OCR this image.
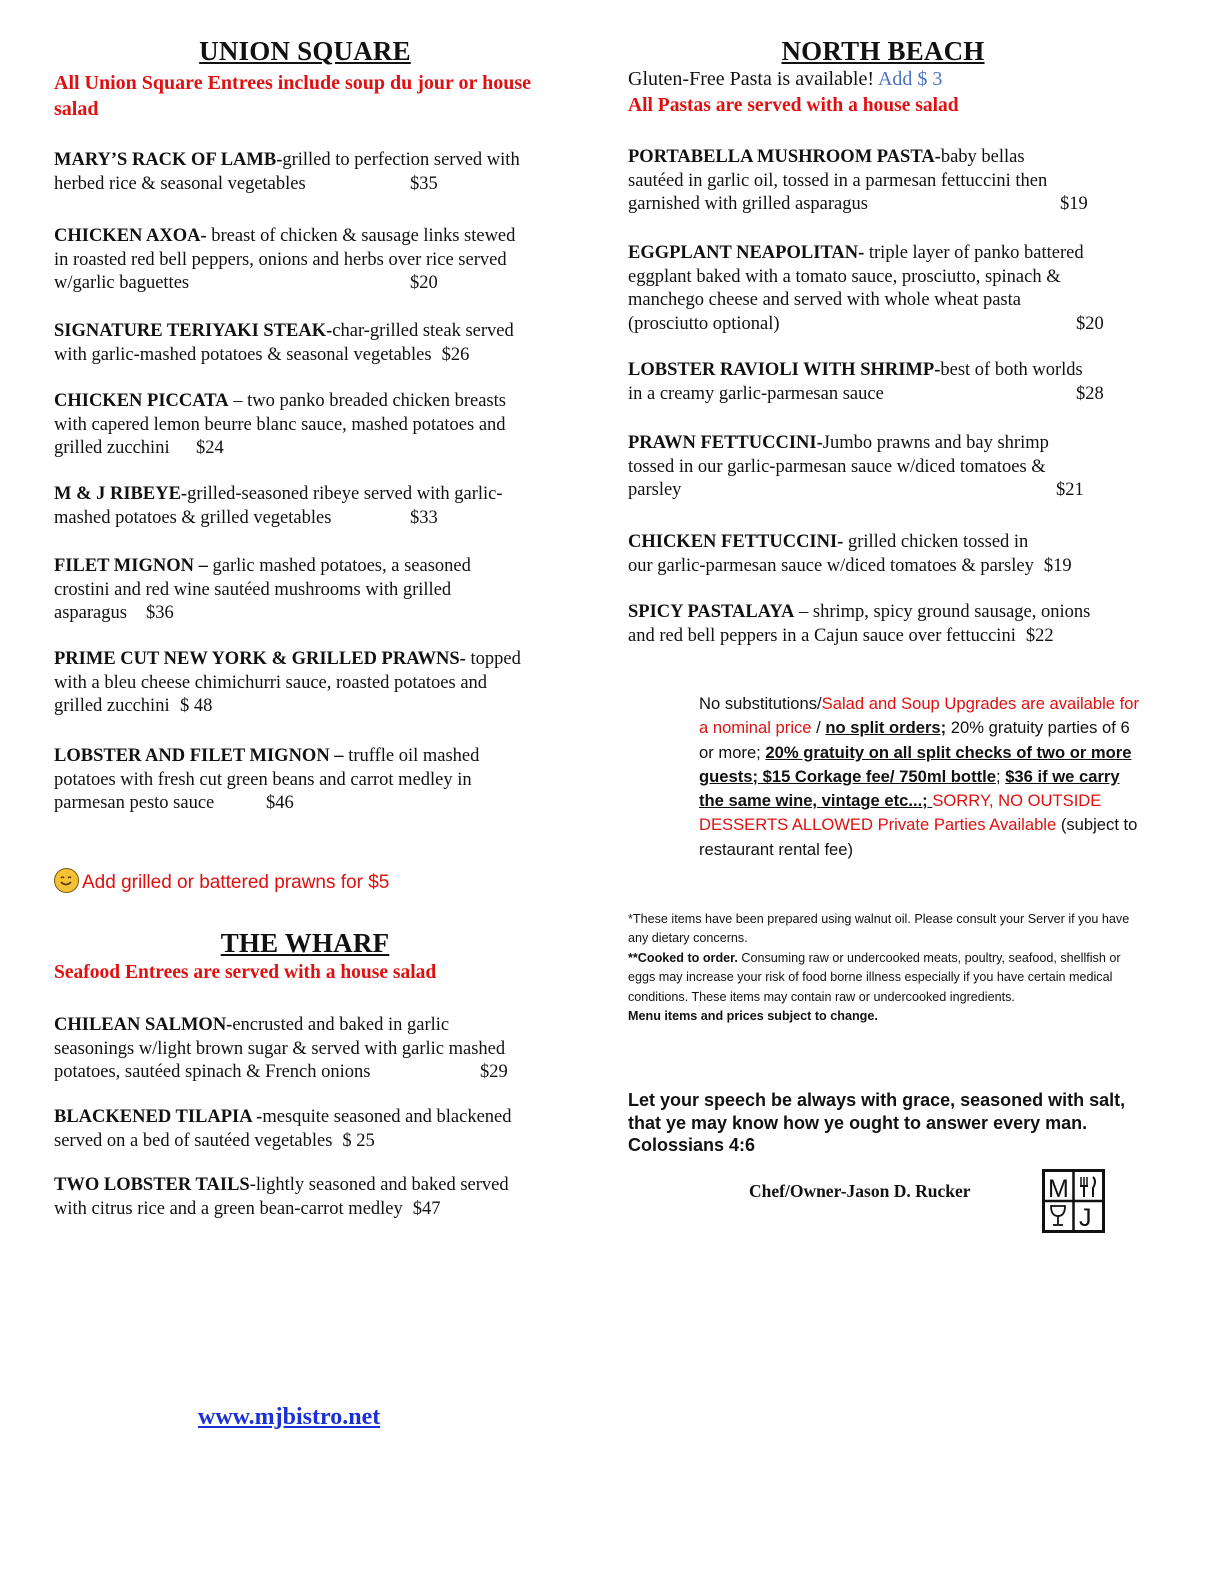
UNION SQUARE
All Union Square Entrees include soup du jour or house salad
MARY’S RACK OF LAMB-grilled to perfection served with
herbed rice & seasonal vegetables	$35
CHICKEN AXOA- breast of chicken & sausage links stewed
in roasted red bell peppers, onions and herbs over rice served
w/garlic baguettes	$20
SIGNATURE TERIYAKI STEAK-char-grilled steak served
with garlic-mashed potatoes & seasonal vegetables $26
CHICKEN PICCATA – two panko breaded chicken breasts
with capered lemon beurre blanc sauce, mashed potatoes and
grilled zucchini $24
M & J RIBEYE-grilled-seasoned ribeye served with garlic-
mashed potatoes & grilled vegetables	$33
FILET MIGNON – garlic mashed potatoes, a seasoned
crostini and red wine sautéed mushrooms with grilled
asparagus $36
PRIME CUT NEW YORK & GRILLED PRAWNS- topped
with a bleu cheese chimichurri sauce, roasted potatoes and
grilled zucchini $ 48
LOBSTER AND FILET MIGNON – truffle oil mashed
potatoes with fresh cut green beans and carrot medley in
parmesan pesto sauce	$46
Add grilled or battered prawns for $5
THE WHARF
Seafood Entrees are served with a house salad
CHILEAN SALMON-encrusted and baked in garlic
seasonings w/light brown sugar & served with garlic mashed
potatoes, sautéed spinach & French onions	$29
BLACKENED TILAPIA -mesquite seasoned and blackened
served on a bed of sautéed vegetables $ 25
TWO LOBSTER TAILS-lightly seasoned and baked served
with citrus rice and a green bean-carrot medley $47
www.mjbistro.net
NORTH BEACH
Gluten-Free Pasta is available! Add $ 3
All Pastas are served with a house salad
PORTABELLA MUSHROOM PASTA-baby bellas
sautéed in garlic oil, tossed in a parmesan fettuccini then
garnished with grilled asparagus	$19
EGGPLANT NEAPOLITAN- triple layer of panko battered
eggplant baked with a tomato sauce, prosciutto, spinach &
manchego cheese and served with whole wheat pasta
(prosciutto optional)	$20
LOBSTER RAVIOLI WITH SHRIMP-best of both worlds
in a creamy garlic-parmesan sauce	$28
PRAWN FETTUCCINI-Jumbo prawns and bay shrimp
tossed in our garlic-parmesan sauce w/diced tomatoes &
parsley	$21
CHICKEN FETTUCCINI- grilled chicken tossed in
our garlic-parmesan sauce w/diced tomatoes & parsley $19
SPICY PASTALAYA – shrimp, spicy ground sausage, onions
and red bell peppers in a Cajun sauce over fettuccini $22
No substitutions/Salad and Soup Upgrades are available for a nominal price / no split orders; 20% gratuity parties of 6 or more; 20% gratuity on all split checks of two or more guests; $15 Corkage fee/ 750ml bottle; $36 if we carry the same wine, vintage etc...; SORRY, NO OUTSIDE DESSERTS ALLOWED Private Parties Available (subject to restaurant rental fee)
*These items have been prepared using walnut oil. Please consult your Server if you have any dietary concerns.
**Cooked to order. Consuming raw or undercooked meats, poultry, seafood, shellfish or eggs may increase your risk of food borne illness especially if you have certain medical conditions. These items may contain raw or undercooked ingredients.
Menu items and prices subject to change.
Let your speech be always with grace, seasoned with salt, that ye may know how ye ought to answer every man. Colossians 4:6
Chef/Owner-Jason D. Rucker	M
J
